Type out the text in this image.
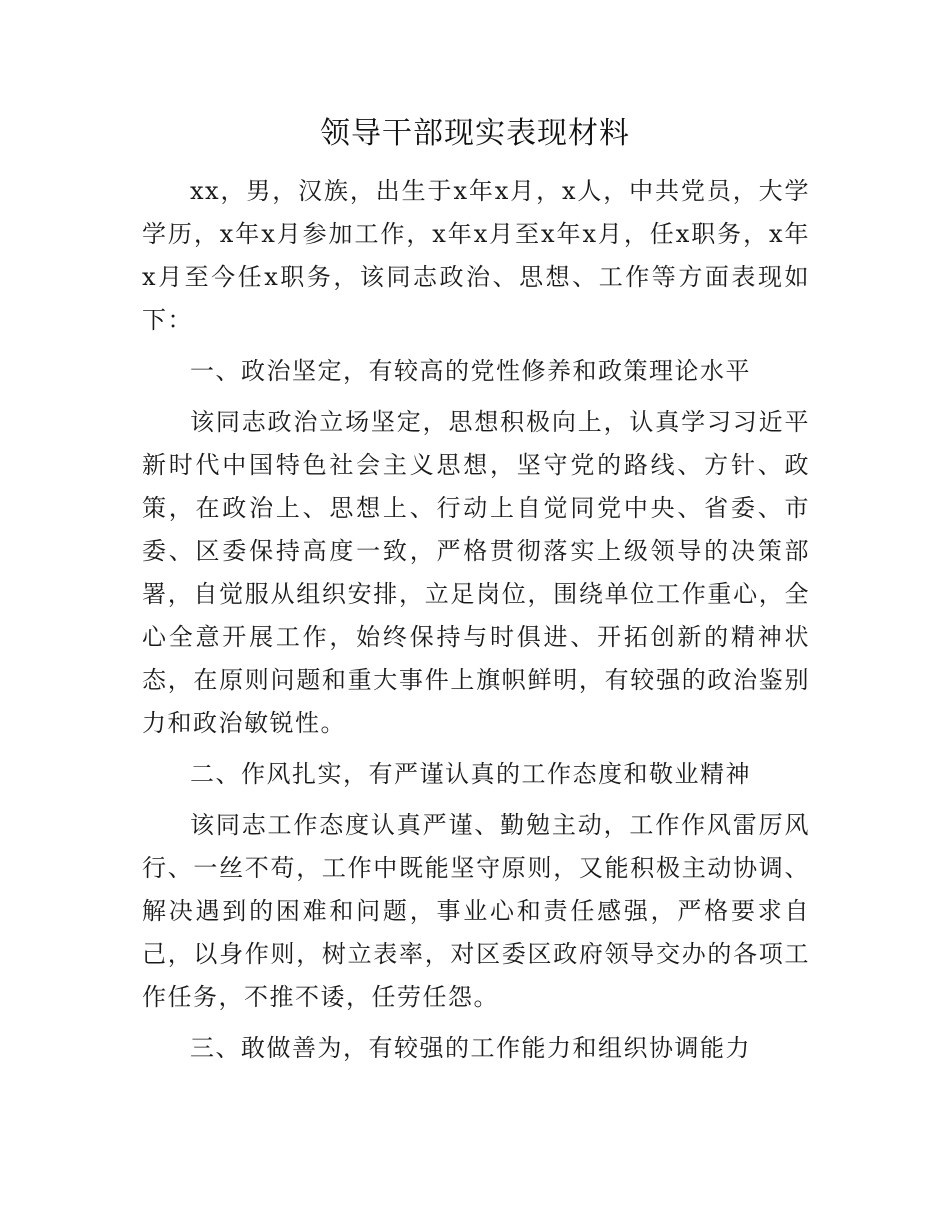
领导干部现实表现材料

xx，男，汉族，出生于x年x月，x人，中共党员，大学学历，x年x月参加工作，x年x月至x年x月，任x职务，x年x月至今任x职务，该同志政治、思想、工作等方面表现如下：

一、政治坚定，有较高的党性修养和政策理论水平

该同志政治立场坚定，思想积极向上，认真学习习近平新时代中国特色社会主义思想，坚守党的路线、方针、政策，在政治上、思想上、行动上自觉同党中央、省委、市委、区委保持高度一致，严格贯彻落实上级领导的决策部署，自觉服从组织安排，立足岗位，围绕单位工作重心，全心全意开展工作，始终保持与时俱进、开拓创新的精神状态，在原则问题和重大事件上旗帜鲜明，有较强的政治鉴别力和政治敏锐性。

二、作风扎实，有严谨认真的工作态度和敬业精神

该同志工作态度认真严谨、勤勉主动，工作作风雷厉风行、一丝不苟，工作中既能坚守原则，又能积极主动协调、解决遇到的困难和问题，事业心和责任感强，严格要求自己，以身作则，树立表率，对区委区政府领导交办的各项工作任务，不推不诿，任劳任怨。

三、敢做善为，有较强的工作能力和组织协调能力
